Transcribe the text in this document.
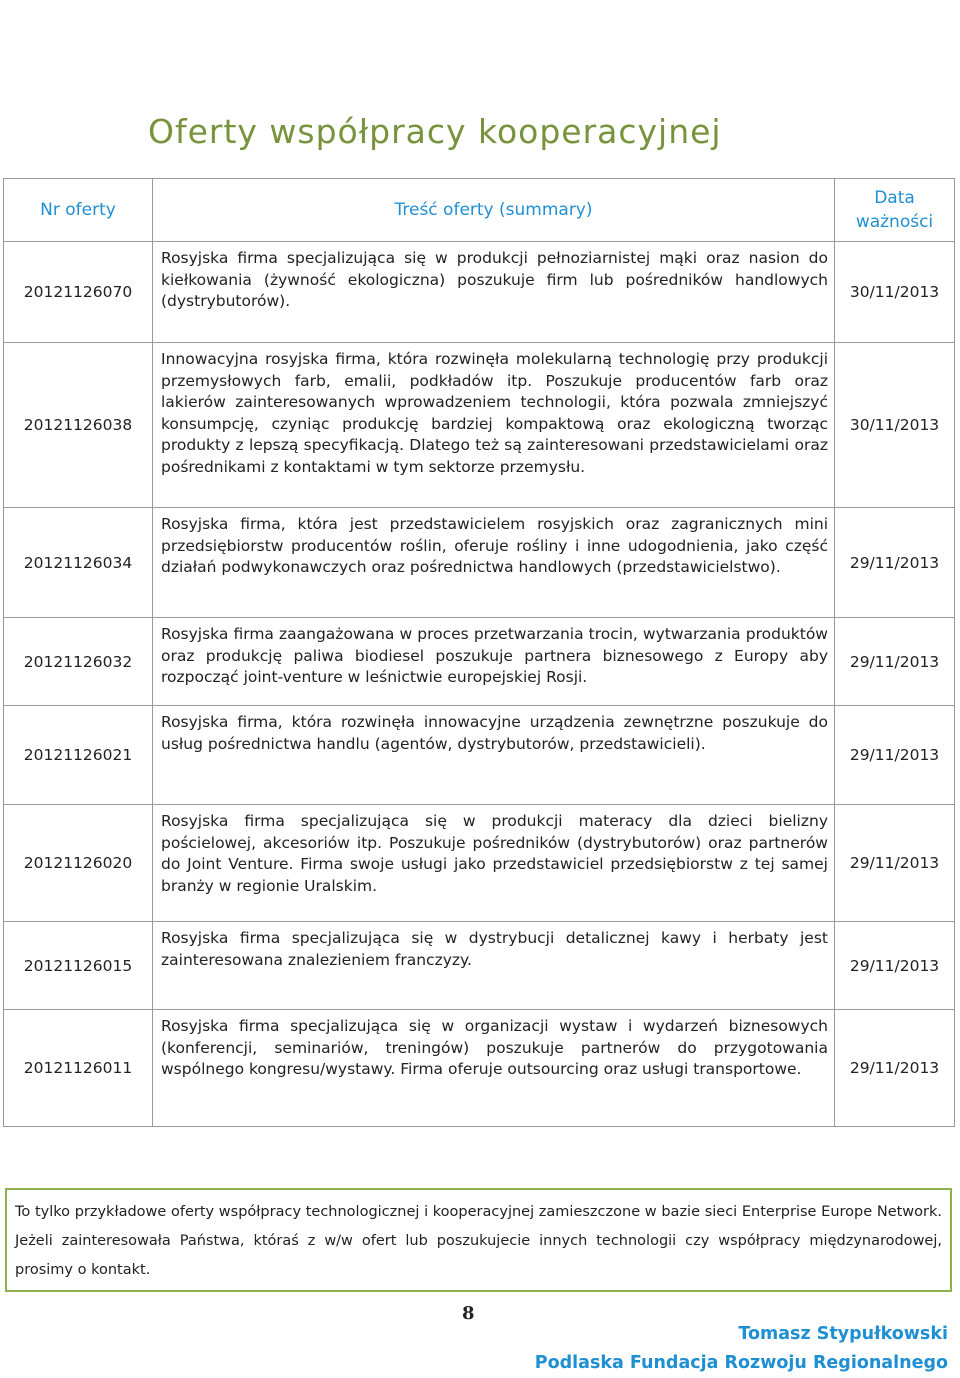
Oferty współpracy kooperacyjnej
Nr oferty	Treść oferty (summary)	Data
ważności
20121126070	Rosyjska firma specjalizująca się w produkcji pełnoziarnistej mąki oraz nasion do kiełkowania (żywność ekologiczna) poszukuje firm lub pośredników handlowych (dystrybutorów).	30/11/2013
20121126038	Innowacyjna rosyjska firma, która rozwinęła molekularną technologię przy produkcji przemysłowych farb, emalii, podkładów itp. Poszukuje producentów farb oraz lakierów zainteresowanych wprowadzeniem technologii, która pozwala zmniejszyć konsumpcję, czyniąc produkcję bardziej kompaktową oraz ekologiczną tworząc produkty z lepszą specyfikacją. Dlatego też są zainteresowani przedstawicielami oraz pośrednikami z kontaktami w tym sektorze przemysłu.	30/11/2013
20121126034	Rosyjska firma, która jest przedstawicielem rosyjskich oraz zagranicznych mini przedsiębiorstw producentów roślin, oferuje rośliny i inne udogodnienia, jako część działań podwykonawczych oraz pośrednictwa handlowych (przedstawicielstwo).	29/11/2013
20121126032	Rosyjska firma zaangażowana w proces przetwarzania trocin, wytwarzania produktów oraz produkcję paliwa biodiesel poszukuje partnera biznesowego z Europy aby rozpocząć joint-venture w leśnictwie europejskiej Rosji.	29/11/2013
20121126021	Rosyjska firma, która rozwinęła innowacyjne urządzenia zewnętrzne poszukuje do usług pośrednictwa handlu (agentów, dystrybutorów, przedstawicieli).	29/11/2013
20121126020	Rosyjska firma specjalizująca się w produkcji materacy dla dzieci bielizny pościelowej, akcesoriów itp. Poszukuje pośredników (dystrybutorów) oraz partnerów do Joint Venture. Firma swoje usługi jako przedstawiciel przedsiębiorstw z tej samej branży w regionie Uralskim.	29/11/2013
20121126015	Rosyjska firma specjalizująca się w dystrybucji detalicznej kawy i herbaty jest zainteresowana znalezieniem franczyzy.	29/11/2013
20121126011	Rosyjska firma specjalizująca się w organizacji wystaw i wydarzeń biznesowych (konferencji, seminariów, treningów) poszukuje partnerów do przygotowania wspólnego kongresu/wystawy. Firma oferuje outsourcing oraz usługi transportowe.	29/11/2013
To tylko przykładowe oferty współpracy technologicznej i kooperacyjnej zamieszczone w bazie sieci Enterprise Europe Network. Jeżeli zainteresowała Państwa, któraś z w/w ofert lub poszukujecie innych technologii czy współpracy międzynarodowej, prosimy o kontakt.
8
Tomasz Stypułkowski
Podlaska Fundacja Rozwoju Regionalnego
